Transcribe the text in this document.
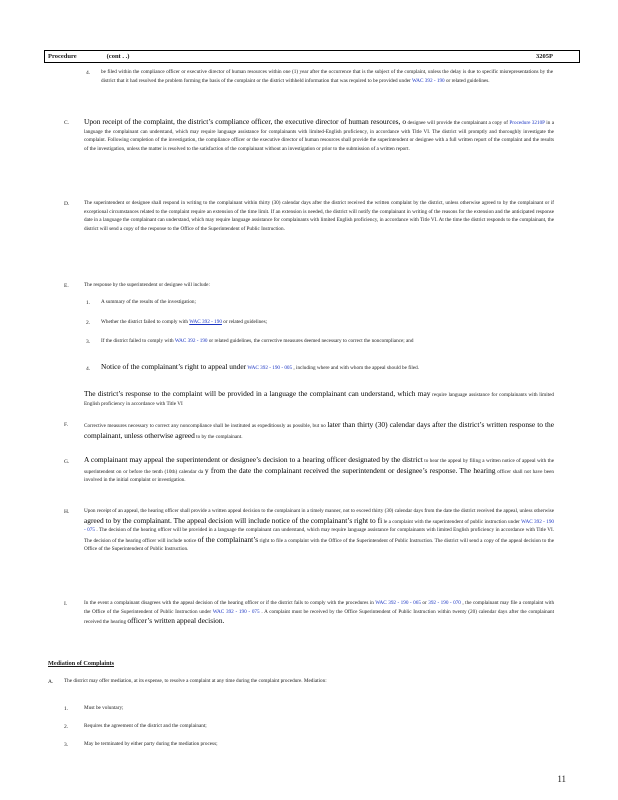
Procedure	(cont . .)	3205P
4. be filed within the compliance officer or executive director of human resources within one (1) year after the occurrence that is the subject of the complaint, unless the delay is due to specific misrepresentations by the district that it had resolved the problem forming the basis of the complaint or the district withheld information that was required to be provided under WAC 392 - 190 or related guidelines.
C. Upon receipt of the complaint, the district’s compliance officer, the executive director of human resources, o designee will provide the complainant a copy of Procedure 3210P in a language the complainant can understand, which may require language assistance for complainants with limited-English proficiency, in accordance with Title VI. The district will promptly and thoroughly investigate the complaint. Following completion of the investigation, the compliance officer or the executive director of human resources shall provide the superintendent or designee with a full written report of the complaint and the results of the investigation, unless the matter is resolved to the satisfaction of the complainant without an investigation or prior to the submission of a written report.
D.	The superintendent or designee shall respond in writing to the complainant within thirty (30) calendar days after the district received the written complaint by the district, unless otherwise agreed to by the complainant or if exceptional circumstances related to the complaint require an extension of the time limit. If an extension is needed, the district will notify the complainant in writing of the reasons for the extension and the anticipated response date in a language the complainant can understand, which may require language assistance for complainants with limited English proficiency, in accordance with Title VI. At the time the district responds to the complainant, the district will send a copy of the response to the Office of the Superintendent of Public Instruction.
E.	The response by the superintendent or designee will include:
1. A summary of the results of the investigation;
2. Whether the district failed to comply with WAC 392 - 190 or related guidelines;
3. If the district failed to comply with WAC 392 - 190 or related guidelines, the corrective measures deemed necessary to correct the noncompliance; and
4. Notice of the complainant’s right to appeal under WAC 392 - 190 - 005 , including where and with whom the appeal should be filed.
The district’s response to the complaint will be provided in a language the complainant can understand, which may require language assistance for complainants with limited English proficiency in accordance with Title VI
F.	Corrective measures necessary to correct any noncompliance shall be instituted as expeditiously as possible, but no later than thirty (30) calendar days after the district’s written response to the complainant, unless otherwise agreed to by the complainant.
G. A complainant may appeal the superintendent or designee’s decision to a hearing officer designated by the district to hear the appeal by filing a written notice of appeal with the superintendent on or before the tenth (10th) calendar da y from the date the complainant received the superintendent or designee’s response. The hearing officer shall not have been involved in the initial complaint or investigation.
H.	Upon receipt of an appeal, the hearing officer shall provide a written appeal decision to the complainant in a timely manner, not to exceed thirty (30) calendar days from the date the district received the appeal, unless otherwise agreed to by the complainant. The appeal decision will include notice of the complainant’s right to fi le a complaint with the superintendent of public instruction under WAC 392 - 190 - 075 . The decision of the hearing officer will be provided in a language the complainant can understand, which may require language assistance for complainants with limited English proficiency in accordance with Title VI. The decision of the hearing officer will include notice of the complainant’s right to file a complaint with the Office of the Superintendent of Public Instruction. The district will send a copy of the appeal decision to the Office of the Superintendent of Public Instruction.
I.	In the event a complainant disagrees with the appeal decision of the hearing officer or if the district fails to comply with the procedures in WAC 392 - 190 - 065 or 392 - 190 - 070 , the complainant may file a complaint with the Office of the Superintendent of Public Instruction under WAC 392 - 190 - 075 . A complaint must be received by the Office Superintendent of Public Instruction within twenty (20) calendar days after the complainant received the hearing officer’s written appeal decision.
Mediation of Complaints
A. The district may offer mediation, at its expense, to resolve a complaint at any time during the complaint procedure. Mediation:
1.	Must be voluntary;
2.	Requires the agreement of the district and the complainant;
3.	May be terminated by either party during the mediation process;
11
